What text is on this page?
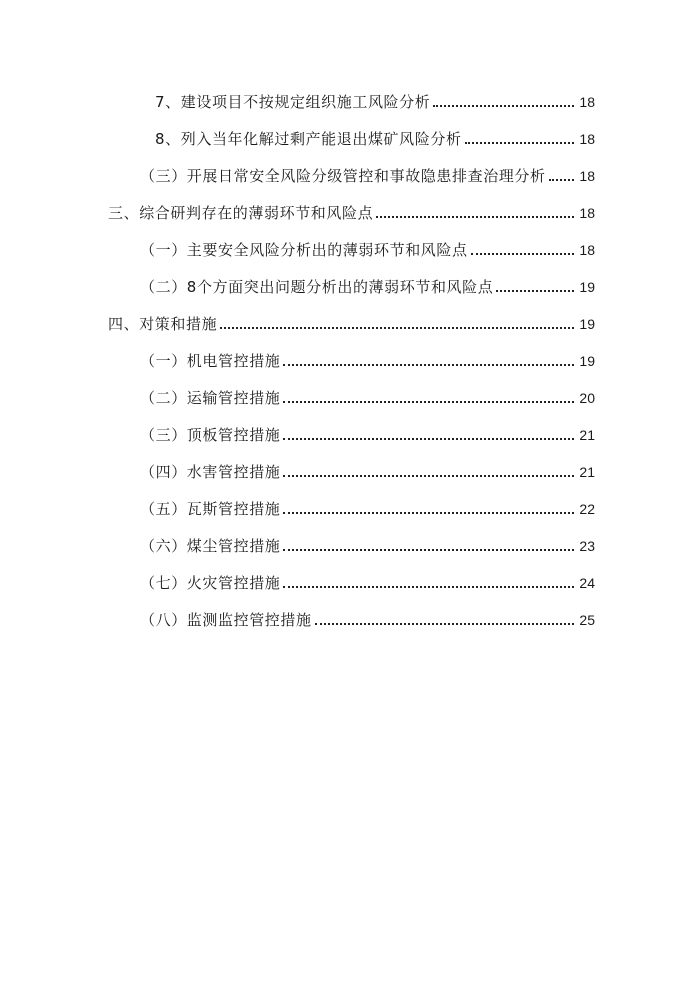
7、建设项目不按规定组织施工风险分析	18
8、列入当年化解过剩产能退出煤矿风险分析	18
（三）开展日常安全风险分级管控和事故隐患排查治理分析 18
三、综合研判存在的薄弱环节和风险点	18
（一）主要安全风险分析出的薄弱环节和风险点	18
（二）8个方面突出问题分析出的薄弱环节和风险点	19
四、对策和措施	19
（一）机电管控措施	19
（二）运输管控措施	20
（三）顶板管控措施	21
（四）水害管控措施	21
（五）瓦斯管控措施	22
（六）煤尘管控措施	23
（七）火灾管控措施	24
（八）监测监控管控措施	25
